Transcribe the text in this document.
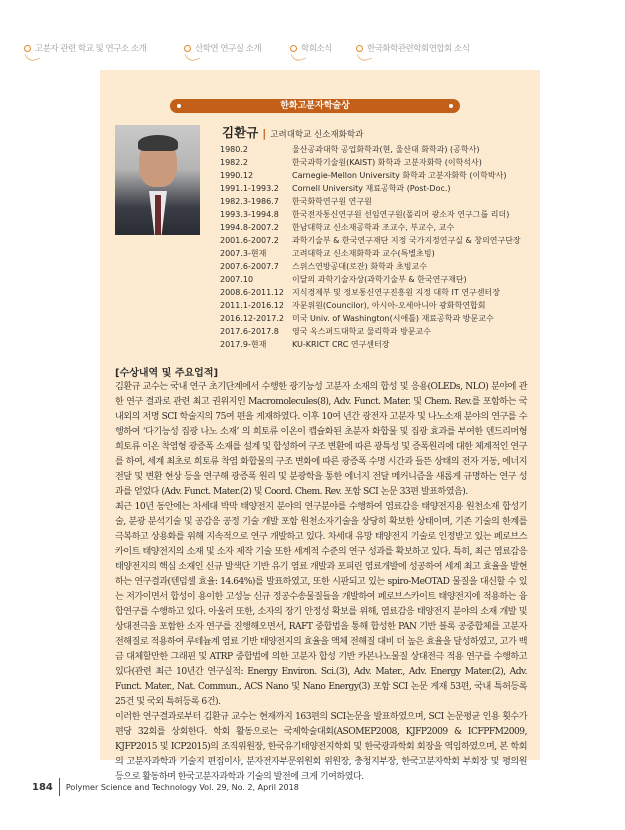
고분자 관련 학교 및 연구소 소개	산학연 연구실 소개	학회소식	한국화학관련학회연합회 소식
한화고분자학술상
김환규 | 고려대학교 신소재화학과
1980.2	울산공과대학 공업화학과(현, 울산대 화학과) (공학사)
1982.2	한국과학기술원(KAIST) 화학과 고분자화학 (이학석사)
1990.12	Carnegie-Mellon University 화학과 고분자화학 (이학박사)
1991.1-1993.2	Cornell University 재료공학과 (Post-Doc.)
1982.3-1986.7	한국화학연구원 연구원
1993.3-1994.8	한국전자통신연구원 선임연구원(폴리머 광소자 연구그룹 리더)
1994.8-2007.2	한남대학교 신소재공학과 조교수, 부교수, 교수
2001.6-2007.2	과학기술부 & 한국연구재단 지정 국가지정연구실 & 창의연구단장
2007.3-현재	고려대학교 신소재화학과 교수(특별초빙)
2007.6-2007.7	스위스연방공대(로잔) 화학과 초빙교수
2007.10	이달의 과학기술자상(과학기술부 & 한국연구재단)
2008.6-2011.12	지식경제부 및 정보통신연구진흥원 지정 대학 IT 연구센터장
2011.1-2016.12	자문위원(Councilor), 아시아-오세아니아 광화학연합회
2016.12-2017.2	미국 Univ. of Washington(시애틀) 재료공학과 방문교수
2017.6-2017.8	영국 옥스퍼드대학교 물리학과 방문교수
2017.9-현재	KU-KRICT CRC 연구센터장
[수상내역 및 주요업적]

김환규 교수는 국내 연구 초기단계에서 수행한 광기능성 고분자 소재의 합성 및 응용(OLEDs, NLO) 분야에 관한 연구 결과로 관련 최고 권위지인 Macromolecules(8), Adv. Funct. Mater. 및 Chem. Rev.를 포함하는 국내외의 저명 SCI 학술지의 75여 편을 게재하였다. 이후 10여 년간 광전자 고분자 및 나노소재 분야의 연구를 수행하여 ‘다기능성 집광 나노 소재’ 의 희토류 이온이 캡슐화된 초분자 화합물 및 집광 효과를 부여한 덴드리머형 희토류 이온 착염형 광증폭 소재를 설계 및 합성하여 구조 변환에 따른 광특성 및 증폭원리에 대한 체계적인 연구를 하여, 세계 최초로 희토류 착염 화합물의 구조 변화에 따른 광증폭 수명 시간과 들뜬 상태의 전자 거동, 에너지 전달 및 변환 현상 등을 연구해 광증폭 원리 및 분광학을 통한 에너지 전달 메커니즘을 새롭게 규명하는 연구 성과를 얻었다 (Adv. Funct. Mater.(2) 및 Coord. Chem. Rev. 포함 SCI 논문 33편 발표하였음).

최근 10년 동안에는 차세대 박막 태양전지 분야의 연구분야를 수행하여 염료감응 태양전지용 원천소재 합성기술, 분광 분석기술 및 공감응 공정 기술 개발 포함 원천소자기술을 상당히 확보한 상태이며, 기존 기술의 한계를 극복하고 상용화를 위해 지속적으로 연구 개발하고 있다. 차세대 유망 태양전지 기술로 인정받고 있는 페로브스카이트 태양전지의 소재 및 소자 제작 기술 또한 세계적 수준의 연구 성과를 확보하고 있다. 특히, 최근 염료감응 태양전지의 핵심 소재인 신규 발색단 기반 유기 염료 개발과 포피린 염료개발에 성공하여 세계 최고 효율을 발현하는 연구결과(텐덤셀 효율: 14.64%)를 발표하였고, 또한 시판되고 있는 spiro-MeOTAD 물질을 대신할 수 있는 저가이면서 합성이 용이한 고성능 신규 정공수송물질들을 개발하여 페로브스카이트 태양전지에 적용하는 융합연구를 수행하고 있다. 아울러 또한, 소자의 장기 안정성 확보를 위해, 염료감응 태양전지 분야의 소재 개발 및 상대전극을 포함한 소자 연구를 진행해오면서, RAFT 중합법을 통해 합성한 PAN 기반 블록 공중합체를 고분자 전해질로 적용하여 루테늄계 염료 기반 태양전지의 효율을 액체 전해질 대비 더 높은 효율을 달성하였고, 고가 백금 대체할만한 그래핀 및 ATRP 중합법에 의한 고분자 합성 기반 카본나노물질 상대전극 적용 연구를 수행하고 있다(관련 최근 10년간 연구실적: Energy Environ. Sci.(3), Adv. Mater., Adv. Energy Mater.(2), Adv. Funct. Mater., Nat. Commun., ACS Nano 및 Nano Energy(3) 포함 SCI 논문 게재 53편, 국내 특허등록 25건 및 국외 특허등록 6건).

이러한 연구결과로부터 김환규 교수는 현재까지 163편의 SCI논문을 발표하였으며, SCI 논문평균 인용 횟수가 편당 32회를 상회한다. 학회 활동으로는 국제학술대회(ASOMEP2008, KJFP2009 & ICFPFM2009, KJFP2015 및 ICP2015)의 조직위원장, 한국유기태양전지학회 및 한국광과학회 회장을 역임하였으며, 본 학회의 고분자과학과 기술지 편집이사, 분자전자부문위원회 위원장, 충청지부장, 한국고분자학회 부회장 및 평의원 등으로 활동하며 한국고분자과학과 기술의 발전에 크게 기여하였다.

184 Polymer Science and Technology Vol. 29, No. 2, April 2018
